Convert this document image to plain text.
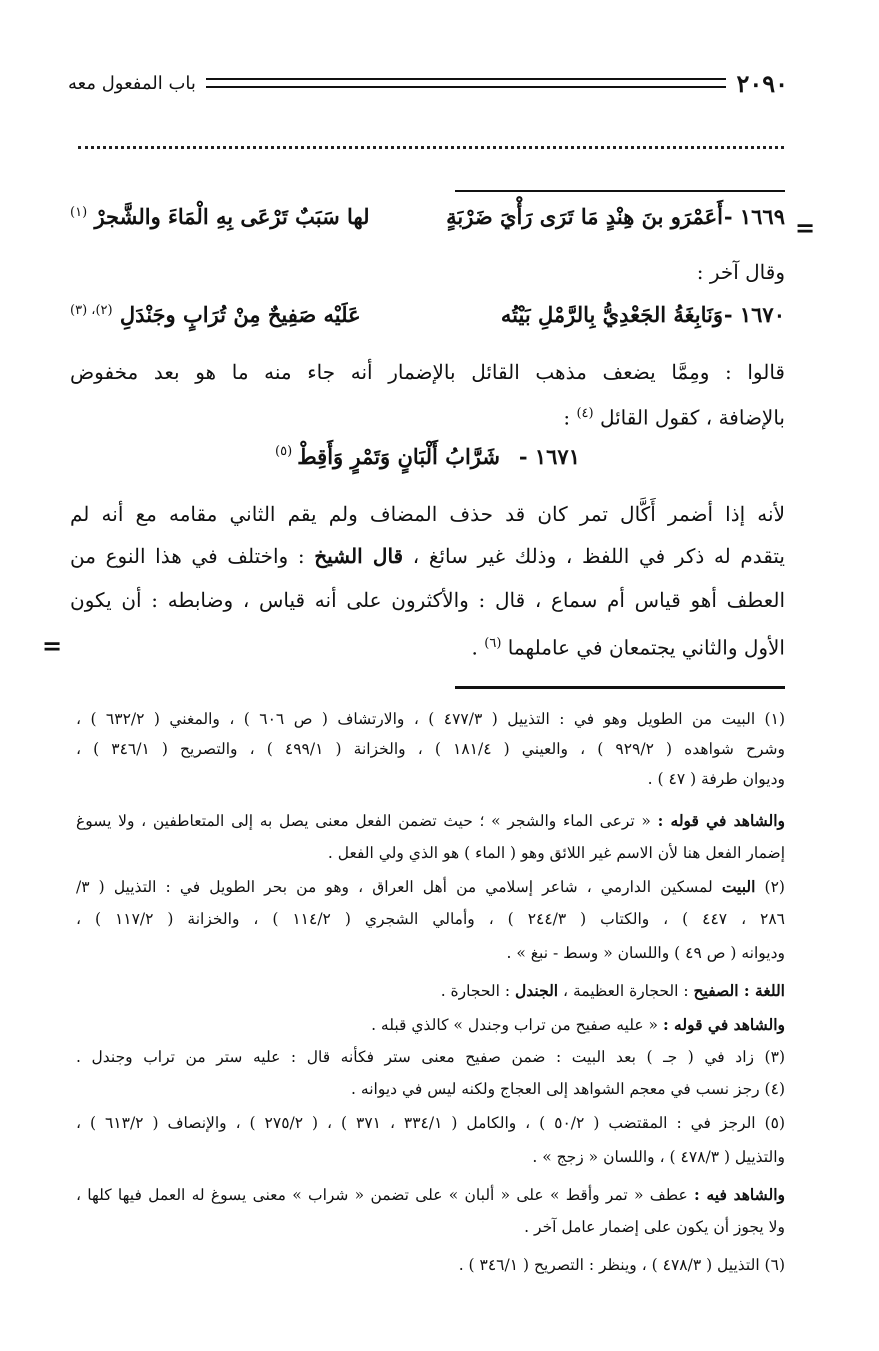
٢٠٩٠
باب المفعول معه
=
١٦٦٩ -
أَعَمْرَو بنَ هِنْدٍ مَا تَرَى رَأْيَ ضَرْبَةٍ
لها سَبَبٌ تَرْعَى بِهِ الْمَاءَ والشَّجرْ $^{(١)}$
وقال آخر :
١٦٧٠ -
وَنَابِغَةُ الجَعْدِيُّ بِالرَّمْلِ بَيْتُه
عَلَيْه صَفِيحٌ مِنْ تُرَابٍ وجَنْدَلِ $^{(٢)، (٣)}$
قالوا : ومِمَّا يضعف مذهب القائل بالإضمار أنه جاء منه ما هو بعد مخفوض
بالإضافة ، كقول القائل $^{(٤)}$ :
١٦٧١ -
شَرَّابُ أَلْبَانٍ وَتَمْرٍ وَأَقِطْ
(٥)
لأنه إذا أضمر أَكَّال تمر كان قد حذف المضاف ولم يقم الثاني مقامه مع أنه لم
يتقدم له ذكر في اللفظ ، وذلك غير سائغ ، قال الشيخ : واختلف في هذا النوع من
العطف أهو قياس أم سماع ، قال : والأكثرون على أنه قياس ، وضابطه : أن يكون
الأول والثاني يجتمعان في عاملهما $^{(٦)}$ .
=
(١) البيت من الطويل وهو في : التذييل ( ٤٧٧/٣ ) ، والارتشاف ( ص ٦٠٦ ) ، والمغني ( ٦٣٢/٢ ) ،
وشرح شواهده ( ٩٢٩/٢ ) ، والعيني ( ١٨١/٤ ) ، والخزانة ( ٤٩٩/١ ) ، والتصريح ( ٣٤٦/١ ) ،
وديوان طرفة ( ٤٧ ) .
والشاهد في قوله : « ترعى الماء والشجر » ؛ حيث تضمن الفعل معنى يصل به إلى المتعاطفين ، ولا يسوغ
إضمار الفعل هنا لأن الاسم غير اللائق وهو ( الماء ) هو الذي ولي الفعل .
(٢) البيت لمسكين الدارمي ، شاعر إسلامي من أهل العراق ، وهو من بحر الطويل في : التذييل ( ٣/
٢٨٦ ، ٤٤٧ ) ، والكتاب ( ٢٤٤/٣ ) ، وأمالي الشجري ( ١١٤/٢ ) ، والخزانة ( ١١٧/٢ ) ،
وديوانه ( ص ٤٩ ) واللسان « وسط - نبغ » .
اللغة : الصفيح : الحجارة العظيمة ، الجندل : الحجارة .
والشاهد في قوله : « عليه صفيح من تراب وجندل » كالذي قبله .
(٣) زاد في ( جـ ) بعد البيت : ضمن صفيح معنى ستر فكأنه قال : عليه ستر من تراب وجندل .
(٤) رجز نسب في معجم الشواهد إلى العجاج ولكنه ليس في ديوانه .
(٥) الرجز في : المقتضب ( ٥٠/٢ ) ، والكامل ( ٣٣٤/١ ، ٣٧١ ) ، ( ٢٧٥/٢ ) ، والإنصاف ( ٦١٣/٢ ) ،
والتذييل ( ٤٧٨/٣ ) ، واللسان « زجج » .
والشاهد فيه : عطف « تمر وأقط » على « ألبان » على تضمن « شراب » معنى يسوغ له العمل فيها كلها ،
ولا يجوز أن يكون على إضمار عامل آخر .
(٦) التذييل ( ٤٧٨/٣ ) ، وينظر : التصريح ( ٣٤٦/١ ) .
